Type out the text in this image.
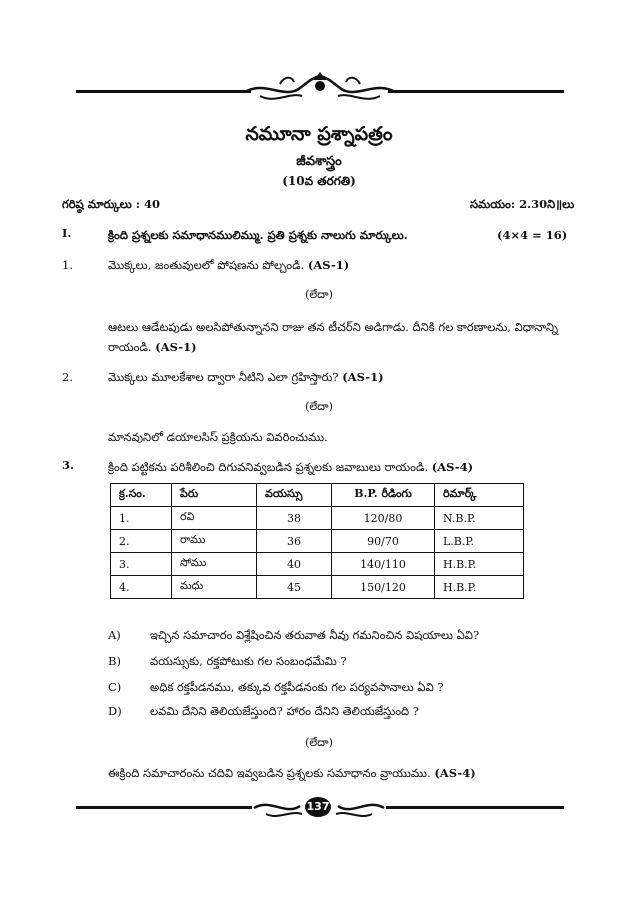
నమూనా ప్రశ్నాపత్రం
జీవశాస్త్రం
(10వ తరగతి)
గరిష్ఠ మార్కులు : 40	సమయం: 2.30ని॥లు
I.	క్రింది ప్రశ్నలకు సమాధానములిమ్ము. ప్రతి ప్రశ్నకు నాలుగు మార్కులు.	(4×4 = 16)
1.	మొక్కలు, జంతువులలో పోషణను పోల్చండి. (AS-1)
(లేదా)
ఆటలు ఆడేటపుడు అలసిపోతున్నానని రాజు తన టీచర్‌ని అడిగాడు. దీనికి గల కారణాలను, విధానాన్ని
రాయండి. (AS-1)
2.	మొక్కలు మూలకేశాల ద్వారా నీటిని ఎలా గ్రహిస్తారు? (AS-1)
(లేదా)
మానవునిలో డయాలసిస్ ప్రక్రియను వివరించుము.
3.	క్రింది పట్టికను పరిశీలించి దిగువనివ్వబడిన ప్రశ్నలకు జవాబులు రాయండి. (AS-4)
క్ర.సం.	పేరు	వయస్సు	B.P. రీడింగు	రిమార్క్
1.	రవి	38	120/80	N.B.P.
2.	రాము	36	90/70	L.B.P.
3.	సోము	40	140/110	H.B.P.
4.	మధు	45	150/120	H.B.P.
A)	ఇచ్చిన సమాచారం విశ్లేషించిన తరువాత నీవు గమనించిన విషయాలు ఏవి?
B)	వయస్సుకు, రక్తపోటుకు గల సంబంధమేమి ?
C) అధిక రక్తపీడనము, తక్కువ రక్తపీడనంకు గల పర్యవసానాలు ఏవి ?
D) లవమి దేనిని తెలియజేస్తుంది? హారం దేనిని తెలియజేస్తుంది ?
(లేదా)
ఈక్రింది సమాచారంను చదివి ఇవ్వబడిన ప్రశ్నలకు సమాధానం వ్రాయుము. (AS-4)
137
